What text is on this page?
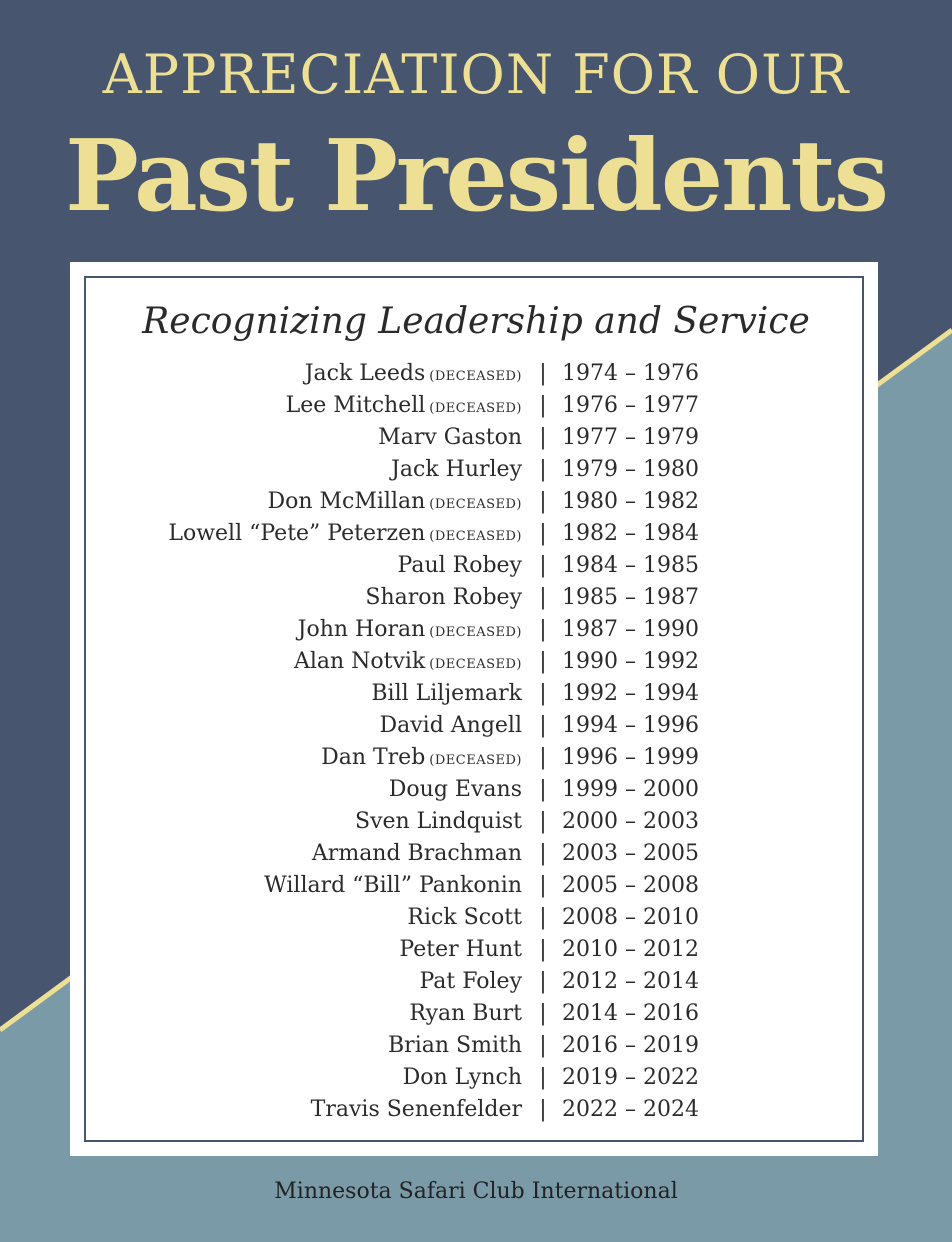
APPRECIATION FOR OUR
Past Presidents
Recognizing Leadership and Service
Jack Leeds (DECEASED) | 1974 – 1976
Lee Mitchell (DECEASED) | 1976 – 1977
Marv Gaston | 1977 – 1979
Jack Hurley | 1979 – 1980
Don McMillan (DECEASED) | 1980 – 1982
Lowell “Pete” Peterzen (DECEASED) | 1982 – 1984
Paul Robey | 1984 – 1985
Sharon Robey | 1985 – 1987
John Horan (DECEASED) | 1987 – 1990
Alan Notvik (DECEASED) | 1990 – 1992
Bill Liljemark | 1992 – 1994
David Angell | 1994 – 1996
Dan Treb (DECEASED) | 1996 – 1999
Doug Evans | 1999 – 2000
Sven Lindquist | 2000 – 2003
Armand Brachman | 2003 – 2005
Willard “Bill” Pankonin | 2005 – 2008
Rick Scott | 2008 – 2010
Peter Hunt | 2010 – 2012
Pat Foley | 2012 – 2014
Ryan Burt | 2014 – 2016
Brian Smith | 2016 – 2019
Don Lynch | 2019 – 2022
Travis Senenfelder | 2022 – 2024
Minnesota Safari Club International
